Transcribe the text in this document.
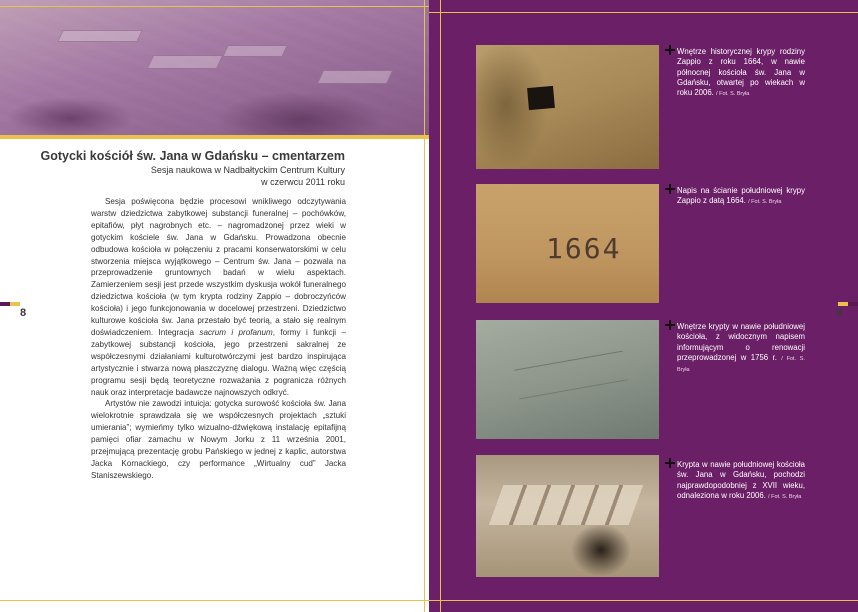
Gotycki kościół św. Jana w Gdańsku – cmentarzem
Sesja naukowa w Nadbałtyckim Centrum Kultury
w czerwcu 2011 roku

Sesja poświęcona będzie procesowi wnikliwego odczytywania warstw dziedzictwa zabytkowej substancji funeralnej – pochówków, epitafiów, płyt nagrobnych etc. – nagromadzonej przez wieki w gotyckim kościele św. Jana w Gdańsku. Prowadzona obecnie odbudowa kościoła w połączeniu z pracami konserwatorskimi w celu stworzenia miejsca wyjątkowego – Centrum św. Jana – pozwala na przeprowadzenie gruntownych badań w wielu aspektach. Zamierzeniem sesji jest przede wszystkim dyskusja wokół funeralnego dziedzictwa kościoła (w tym krypta rodziny Zappio – dobroczyńców kościoła) i jego funkcjonowania w docelowej przestrzeni. Dziedzictwo kulturowe kościoła św. Jana przestało być teorią, a stało się realnym doświadczeniem. Integracja sacrum i profanum, formy i funkcji – zabytkowej substancji kościoła, jego przestrzeni sakralnej ze współczesnymi działaniami kulturotwórczymi jest bardzo inspirująca artystycznie i stwarza nową płaszczyznę dialogu. Ważną więc częścią programu sesji będą teoretyczne rozważania z pogranicza różnych nauk oraz interpretacje badawcze najnowszych odkryć.

Artystów nie zawodzi intuicja: gotycka surowość kościoła św. Jana wielokrotnie sprawdzała się we współczesnych projektach „sztuki umierania”; wymieńmy tylko wizualno-dźwiękową instalację epitafijną pamięci ofiar zamachu w Nowym Jorku z 11 września 2001, przejmującą prezentację grobu Pańskiego w jednej z kaplic, autorstwa Jacka Kornackiego, czy performance „Wirtualny cud” Jacka Staniszewskiego.

8
1664
Wnętrze historycznej krypy rodziny Zappio z roku 1664, w nawie północnej kościoła św. Jana w Gdańsku, otwartej po wiekach w roku 2006. / Fot. S. Bryła
Napis na ścianie południowej krypy Zappio z datą 1664. / Fot. S. Bryła
Wnętrze krypty w nawie południowej kościoła, z widocznym napisem informującym o renowacji przeprowadzonej w 1756 r. / Fot. S. Bryła
Krypta w nawie południowej kościoła św. Jana w Gdańsku, pochodzi najprawdopodobniej z XVII wieku, odnaleziona w roku 2006. / Fot. S. Bryła
9
